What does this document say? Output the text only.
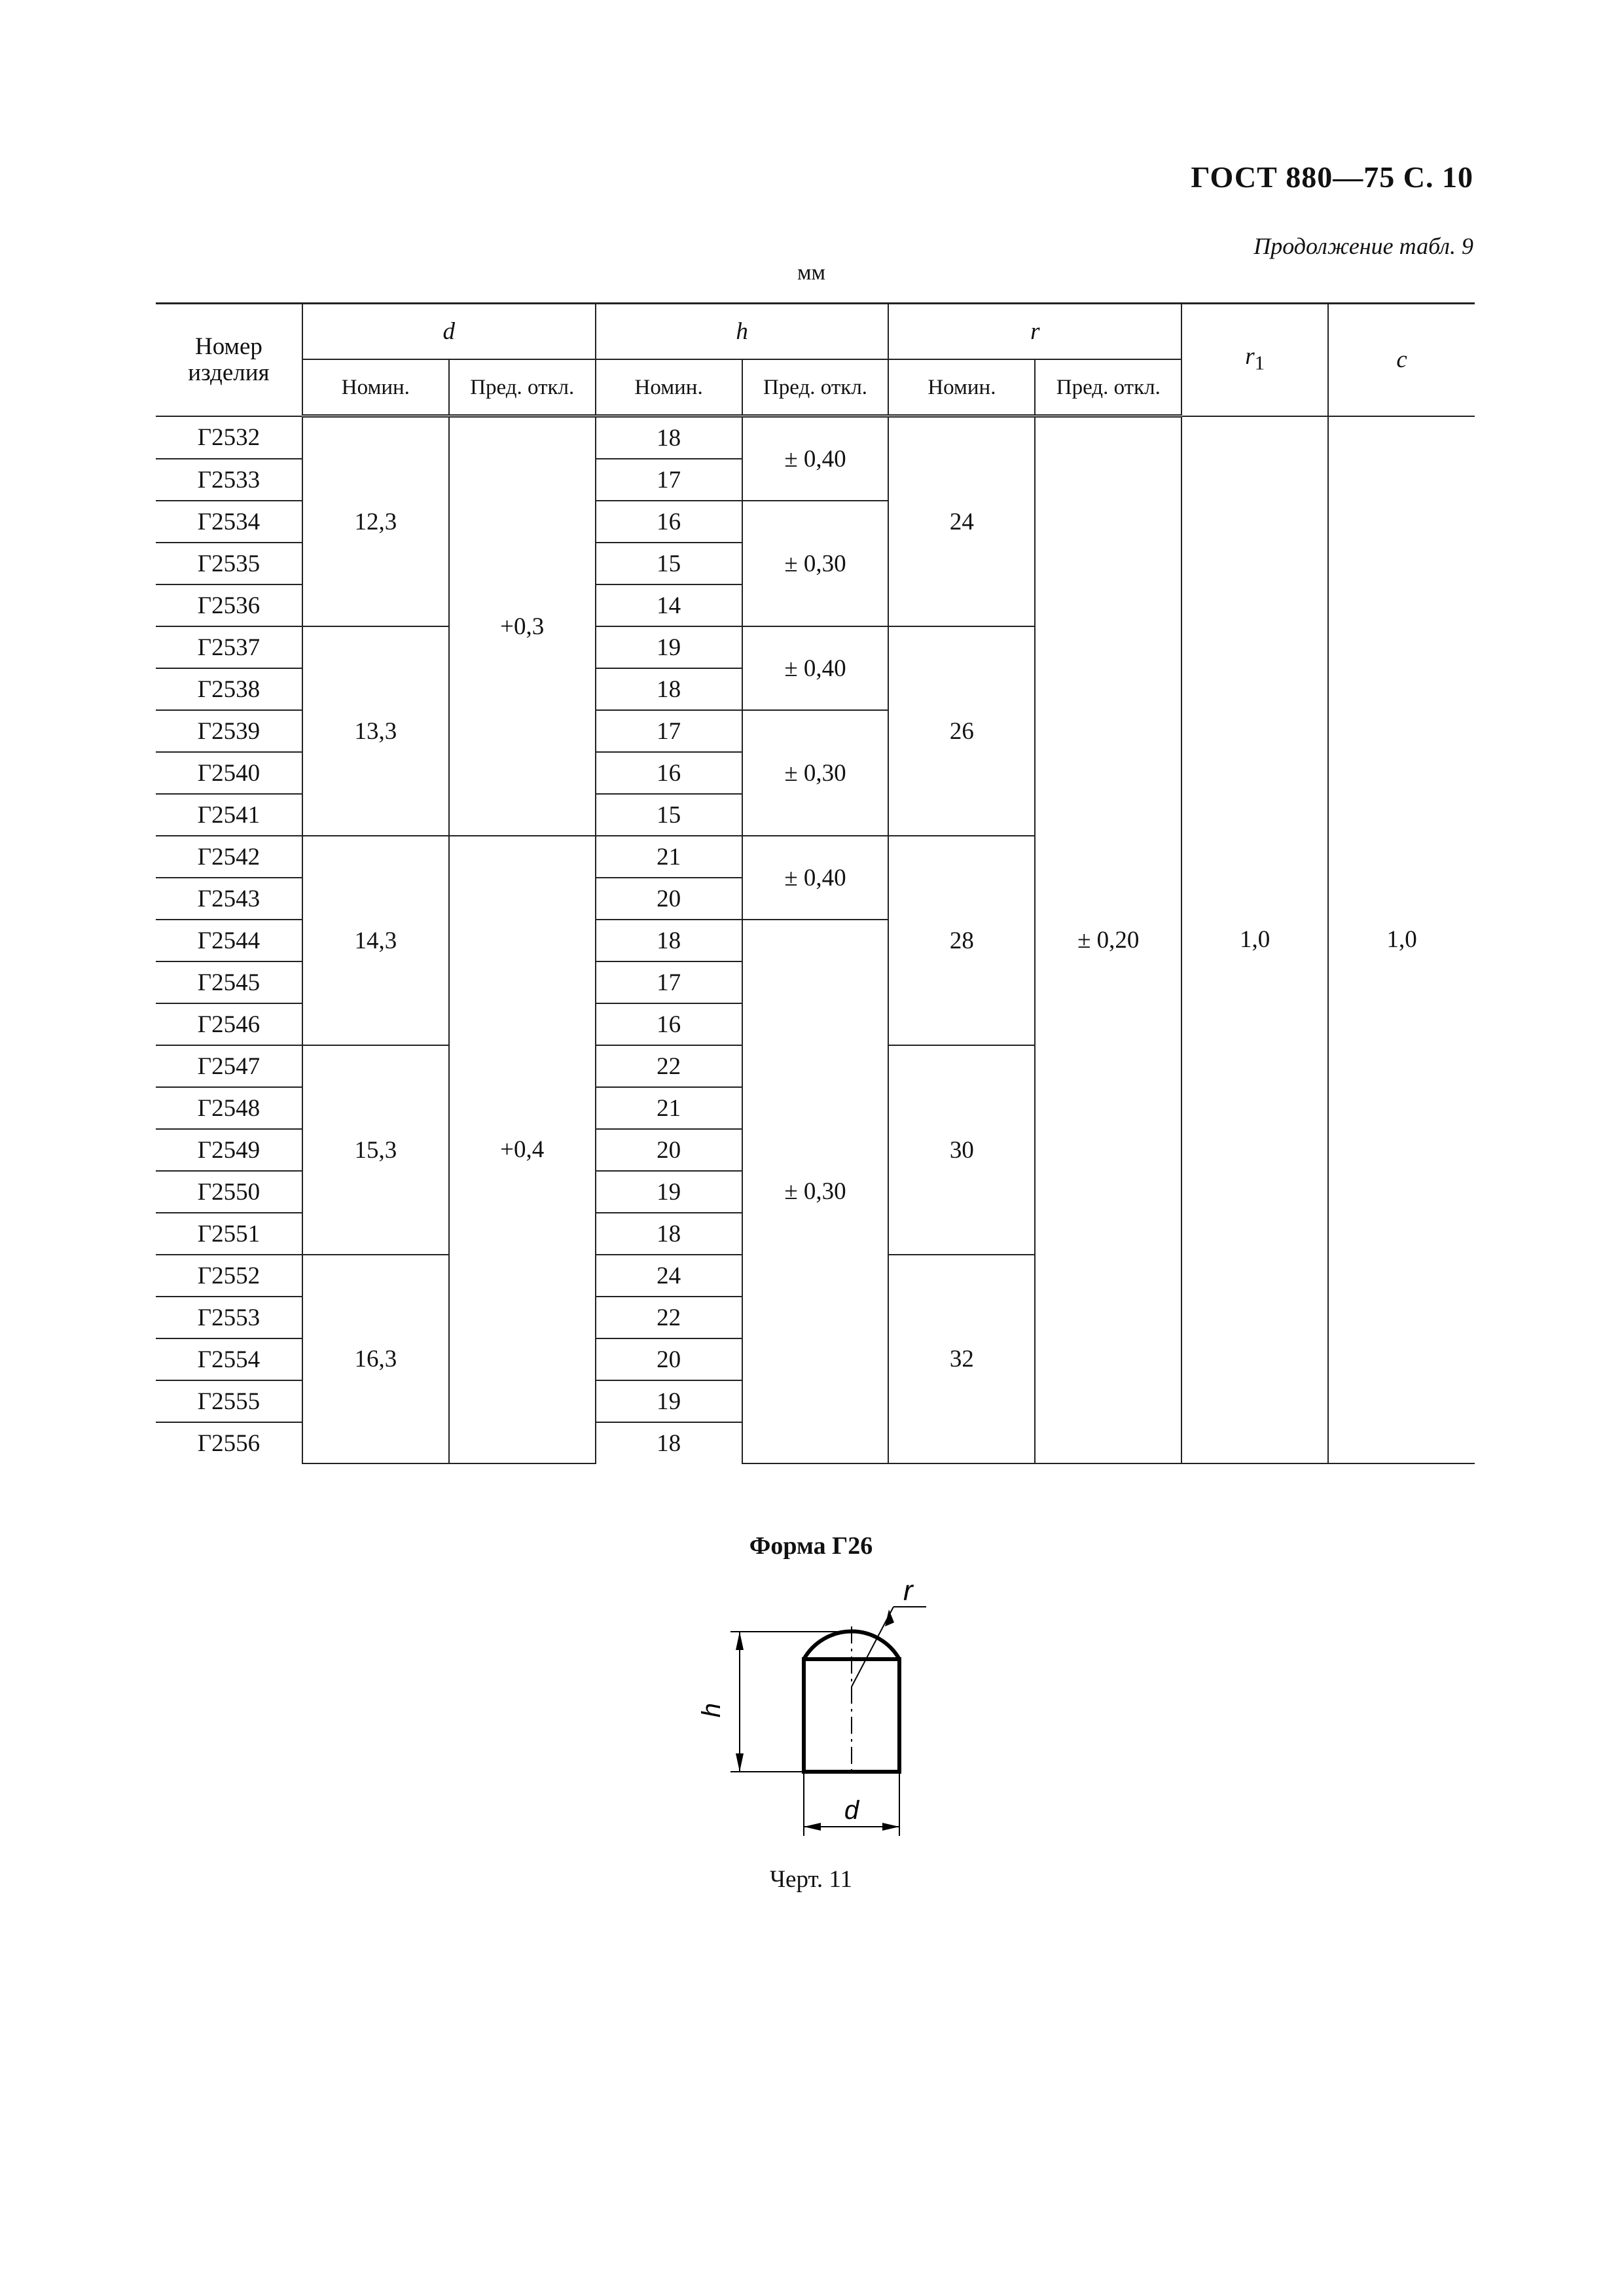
ГОСТ 880—75 С. 10
Продолжение табл. 9
мм
Номер изделия	d		h		r		$r_1$	c
	Номин.	Пред. откл.	Номин.	Пред. откл.	Номин.	Пред. откл.		
Г2532	12,3	+0,3	18	± 0,40	24	± 0,20	1,0	1,0
Г2533			17					
Г2534			16	± 0,30				
Г2535			15					
Г2536			14					
Г2537	13,3		19	± 0,40	26			
Г2538			18					
Г2539			17	± 0,30				
Г2540			16					
Г2541			15					
Г2542	14,3	+0,4	21	± 0,40	28			
Г2543			20					
Г2544			18	± 0,30				
Г2545			17					
Г2546			16					
Г2547	15,3		22		30			
Г2548			21					
Г2549			20					
Г2550			19					
Г2551			18					
Г2552	16,3		24		32			
Г2553			22					
Г2554			20					
Г2555			19					
Г2556			18					
Форма Г26
r
h
d
Черт. 11
